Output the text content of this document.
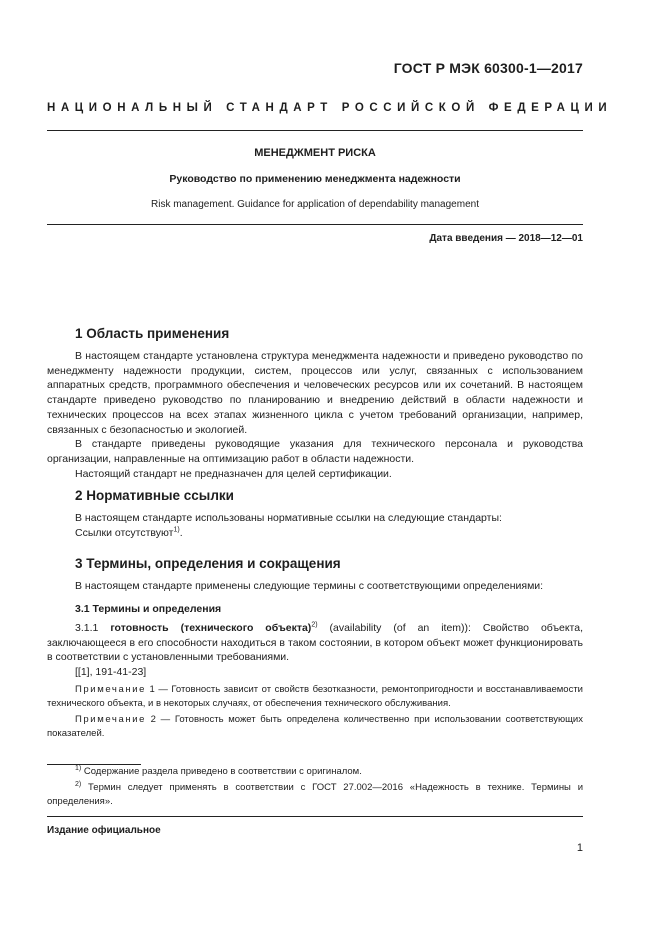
ГОСТ Р МЭК 60300-1—2017
НАЦИОНАЛЬНЫЙ СТАНДАРТ РОССИЙСКОЙ ФЕДЕРАЦИИ
МЕНЕДЖМЕНТ РИСКА
Руководство по применению менеджмента надежности
Risk management. Guidance for application of dependability management
Дата введения — 2018—12—01
1 Область применения

В настоящем стандарте установлена структура менеджмента надежности и приведено руководство по менеджменту надежности продукции, систем, процессов или услуг, связанных с использованием аппаратных средств, программного обеспечения и человеческих ресурсов или их сочетаний. В настоящем стандарте приведено руководство по планированию и внедрению действий в области надежности и технических процессов на всех этапах жизненного цикла с учетом требований организации, например, связанных с безопасностью и экологией.

В стандарте приведены руководящие указания для технического персонала и руководства организации, направленные на оптимизацию работ в области надежности.

Настоящий стандарт не предназначен для целей сертификации.

2 Нормативные ссылки

В настоящем стандарте использованы нормативные ссылки на следующие стандарты:

Ссылки отсутствуют$^{1)}$.

3 Термины, определения и сокращения

В настоящем стандарте применены следующие термины с соответствующими определениями:

3.1 Термины и определения

3.1.1 готовность (технического объекта)$^{2)}$ (availability (of an item)): Свойство объекта, заключающееся в его способности находиться в таком состоянии, в котором объект может функционировать в соответствии с установленными требованиями.

[[1], 191-41-23]

Примечание 1 — Готовность зависит от свойств безотказности, ремонтопригодности и восстанавливаемости технического объекта, и в некоторых случаях, от обеспечения технического обслуживания.

Примечание 2 — Готовность может быть определена количественно при использовании соответствующих показателей.

$^{1)}$ Содержание раздела приведено в соответствии с оригиналом.

$^{2)}$ Термин следует применять в соответствии с ГОСТ 27.002—2016 «Надежность в технике. Термины и определения».

Издание официальное
1
